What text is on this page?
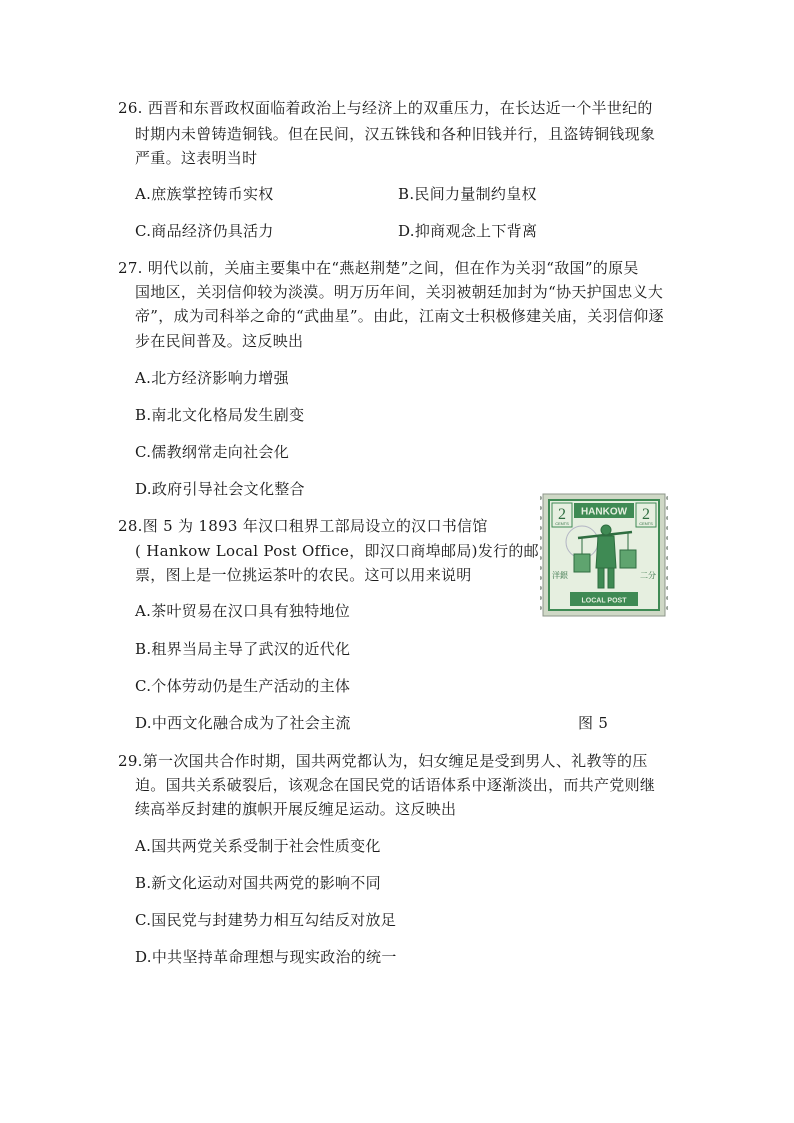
26. 西晋和东晋政权面临着政治上与经济上的双重压力，在长达近一个半世纪的
时期内未曾铸造铜钱。但在民间，汉五铢钱和各种旧钱并行，且盗铸铜钱现象
严重。这表明当时
A.庶族掌控铸币实权	B.民间力量制约皇权
C.商品经济仍具活力	D.抑商观念上下背离
27. 明代以前，关庙主要集中在“燕赵荆楚”之间，但在作为关羽“敌国”的原吴
国地区，关羽信仰较为淡漠。明万历年间，关羽被朝廷加封为“协天护国忠义大
帝”，成为司科举之命的“武曲星”。由此，江南文士积极修建关庙，关羽信仰逐
步在民间普及。这反映出
A.北方经济影响力增强
B.南北文化格局发生剧变
C.儒教纲常走向社会化
D.政府引导社会文化整合
28.图 5 为 1893 年汉口租界工部局设立的汉口书信馆
( Hankow Local Post Office，即汉口商埠邮局)发行的邮
票，图上是一位挑运茶叶的农民。这可以用来说明
A.茶叶贸易在汉口具有独特地位
B.租界当局主导了武汉的近代化
C.个体劳动仍是生产活动的主体
D.中西文化融合成为了社会主流	图 5
HANKOW
2
CENTS
2
CENTS
洋銀	二分
LOCAL POST
29.第一次国共合作时期，国共两党都认为，妇女缠足是受到男人、礼教等的压
迫。国共关系破裂后，该观念在国民党的话语体系中逐渐淡出，而共产党则继
续高举反封建的旗帜开展反缠足运动。这反映出
A.国共两党关系受制于社会性质变化
B.新文化运动对国共两党的影响不同
C.国民党与封建势力相互勾结反对放足
D.中共坚持革命理想与现实政治的统一
